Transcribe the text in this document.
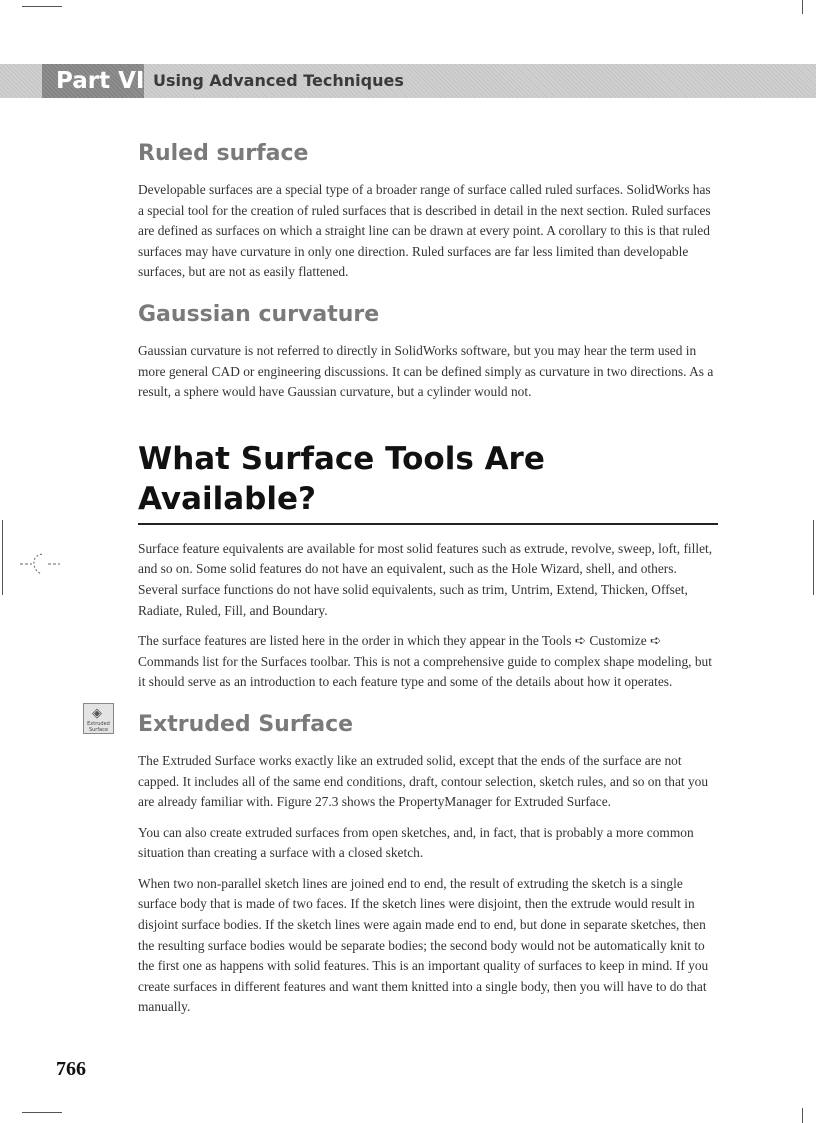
Part VI Using Advanced Techniques
◈
Extruded Surface
Ruled surface

Developable surfaces are a special type of a broader range of surface called ruled surfaces. SolidWorks has a special tool for the creation of ruled surfaces that is described in detail in the next section. Ruled surfaces are defined as surfaces on which a straight line can be drawn at every point. A corollary to this is that ruled surfaces may have curvature in only one direction. Ruled surfaces are far less limited than developable surfaces, but are not as easily flattened.

Gaussian curvature

Gaussian curvature is not referred to directly in SolidWorks software, but you may hear the term used in more general CAD or engineering discussions. It can be defined simply as curvature in two directions. As a result, a sphere would have Gaussian curvature, but a cylinder would not.

What Surface Tools Are Available?

Surface feature equivalents are available for most solid features such as extrude, revolve, sweep, loft, fillet, and so on. Some solid features do not have an equivalent, such as the Hole Wizard, shell, and others. Several surface functions do not have solid equivalents, such as trim, Untrim, Extend, Thicken, Offset, Radiate, Ruled, Fill, and Boundary.

The surface features are listed here in the order in which they appear in the Tools ➪ Customize ➪ Commands list for the Surfaces toolbar. This is not a comprehensive guide to complex shape modeling, but it should serve as an introduction to each feature type and some of the details about how it operates.

Extruded Surface

The Extruded Surface works exactly like an extruded solid, except that the ends of the surface are not capped. It includes all of the same end conditions, draft, contour selection, sketch rules, and so on that you are already familiar with. Figure 27.3 shows the PropertyManager for Extruded Surface.

You can also create extruded surfaces from open sketches, and, in fact, that is probably a more common situation than creating a surface with a closed sketch.

When two non-parallel sketch lines are joined end to end, the result of extruding the sketch is a single surface body that is made of two faces. If the sketch lines were disjoint, then the extrude would result in disjoint surface bodies. If the sketch lines were again made end to end, but done in separate sketches, then the resulting surface bodies would be separate bodies; the second body would not be automatically knit to the first one as happens with solid features. This is an important quality of surfaces to keep in mind. If you create surfaces in different features and want them knitted into a single body, then you will have to do that manually.

766
